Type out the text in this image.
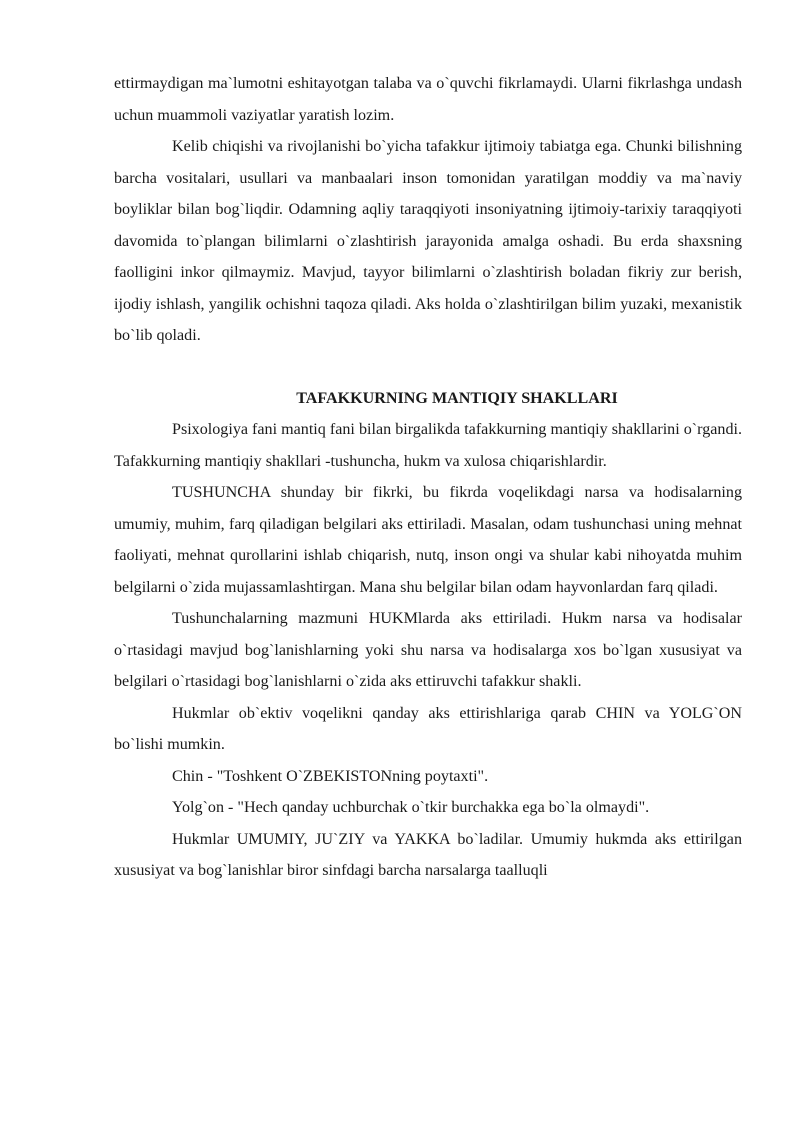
ettirmaydigan ma`lumotni eshitayotgan talaba va o`quvchi fikrlamaydi. Ularni fikrlashga undash uchun muammoli vaziyatlar yaratish lozim.

Kelib chiqishi va rivojlanishi bo`yicha tafakkur ijtimoiy tabiatga ega. Chunki bilishning barcha vositalari, usullari va manbaalari inson tomonidan yaratilgan moddiy va ma`naviy boyliklar bilan bog`liqdir. Odamning aqliy taraqqiyoti insoniyatning ijtimoiy-tarixiy taraqqiyoti davomida to`plangan bilimlarni o`zlashtirish jarayonida amalga oshadi. Bu erda shaxsning faolligini inkor qilmaymiz. Mavjud, tayyor bilimlarni o`zlashtirish boladan fikriy zur berish, ijodiy ishlash, yangilik ochishni taqoza qiladi. Aks holda o`zlashtirilgan bilim yuzaki, mexanistik bo`lib qoladi.

TAFAKKURNING MANTIQIY SHAKLLARI

Psixologiya fani mantiq fani bilan birgalikda tafakkurning mantiqiy shakllarini o`rgandi. Tafakkurning mantiqiy shakllari -tushuncha, hukm va xulosa chiqarishlardir.

TUSHUNCHA shunday bir fikrki, bu fikrda voqelikdagi narsa va hodisalarning umumiy, muhim, farq qiladigan belgilari aks ettiriladi. Masalan, odam tushunchasi uning mehnat faoliyati, mehnat qurollarini ishlab chiqarish, nutq, inson ongi va shular kabi nihoyatda muhim belgilarni o`zida mujassamlashtirgan. Mana shu belgilar bilan odam hayvonlardan farq qiladi.

Tushunchalarning mazmuni HUKMlarda aks ettiriladi. Hukm narsa va hodisalar o`rtasidagi mavjud bog`lanishlarning yoki shu narsa va hodisalarga xos bo`lgan xususiyat va belgilari o`rtasidagi bog`lanishlarni o`zida aks ettiruvchi tafakkur shakli.

Hukmlar ob`ektiv voqelikni qanday aks ettirishlariga qarab CHIN va YOLG`ON bo`lishi mumkin.

Chin - "Toshkent O`ZBEKISTONning poytaxti".

Yolg`on - "Hech qanday uchburchak o`tkir burchakka ega bo`la olmaydi".

Hukmlar UMUMIY, JU`ZIY va YAKKA bo`ladilar. Umumiy hukmda aks ettirilgan xususiyat va bog`lanishlar biror sinfdagi barcha narsalarga taalluqli
